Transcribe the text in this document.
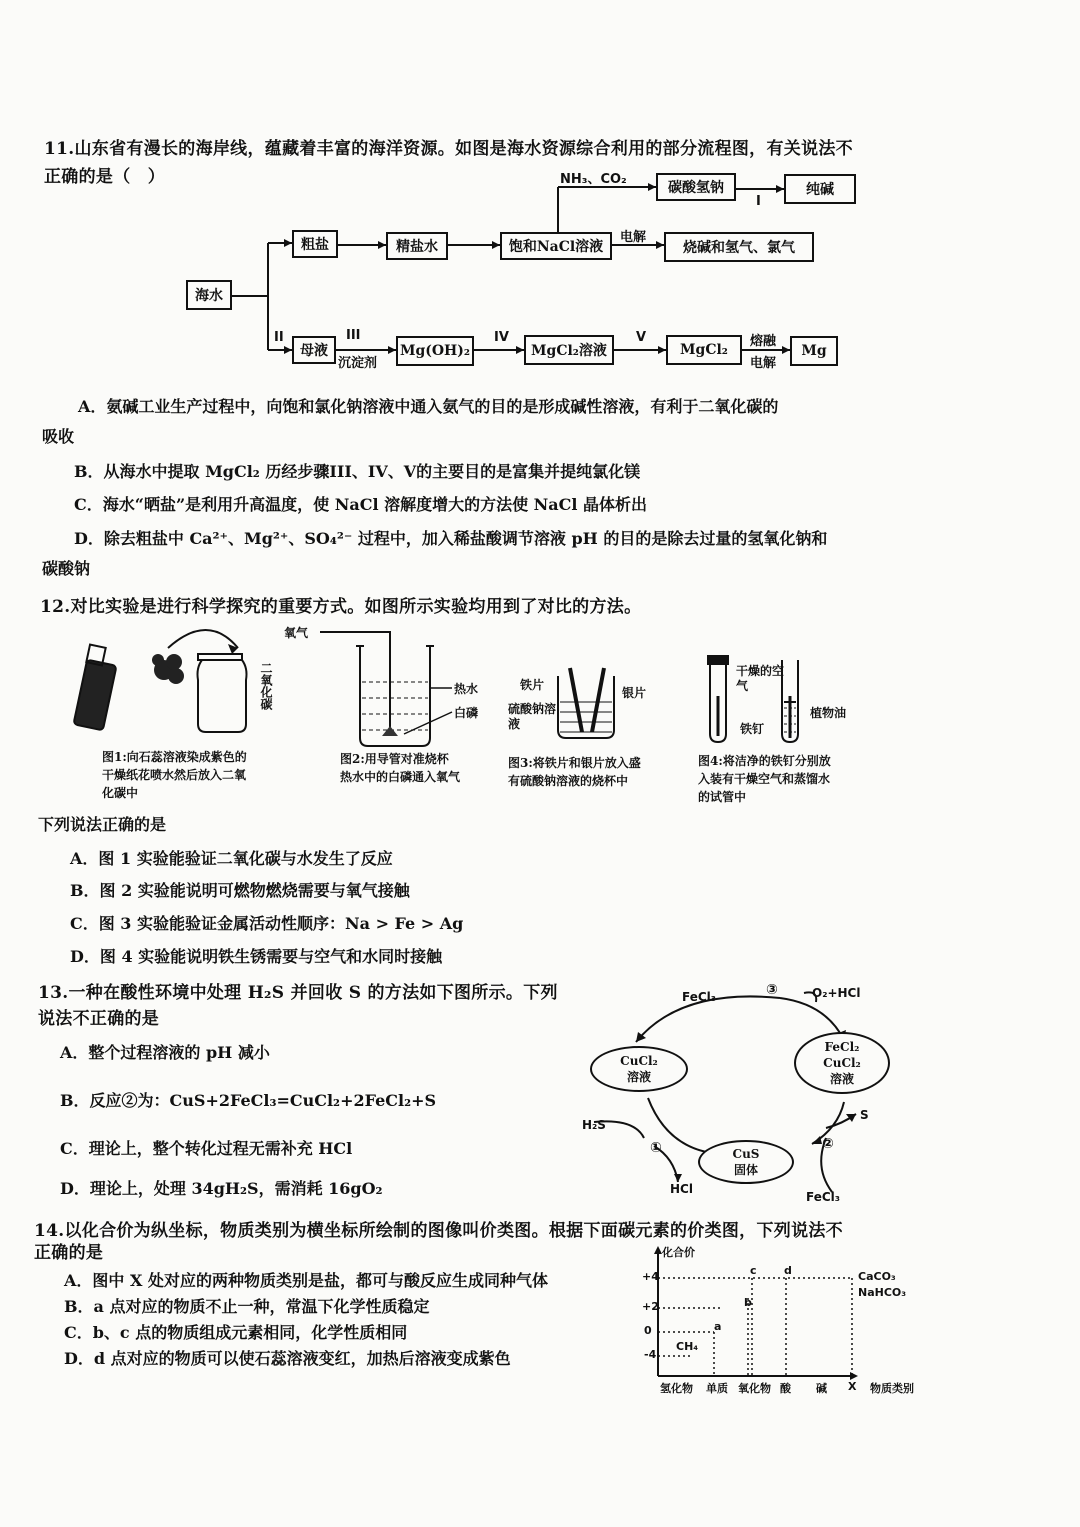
11.山东省有漫长的海岸线，蕴藏着丰富的海洋资源。如图是海水资源综合利用的部分流程图，有关说法不
正确的是（　）
海水
粗盐	精盐水	饱和NaCl溶液
碳酸氢钠	纯碱
烧碱和氢气、氯气
母液	Mg(OH)₂	MgCl₂溶液	MgCl₂	Mg
NH₃、CO₂
I
电解
II	III
沉淀剂
IV	V	熔融
电解
A．氨碱工业生产过程中，向饱和氯化钠溶液中通入氨气的目的是形成碱性溶液，有利于二氧化碳的
吸收
B．从海水中提取 MgCl₂ 历经步骤III、IV、V的主要目的是富集并提纯氯化镁
C．海水“晒盐”是利用升高温度，使 NaCl 溶解度增大的方法使 NaCl 晶体析出
D．除去粗盐中 Ca²⁺、Mg²⁺、SO₄²⁻ 过程中，加入稀盐酸调节溶液 pH 的目的是除去过量的氢氧化钠和
碳酸钠
12.对比实验是进行科学探究的重要方式。如图所示实验均用到了对比的方法。
二氧化碳
图1:向石蕊溶液染成紫色的干燥纸花喷水然后放入二氧化碳中
氧气
热水
白磷
图2:用导管对准烧杯热水中的白磷通入氧气
铁片
银片
硫酸钠溶液
图3:将铁片和银片放入盛有硫酸钠溶液的烧杯中
干燥的空气
铁钉
植物油
图4:将洁净的铁钉分别放入装有干燥空气和蒸馏水的试管中
下列说法正确的是
A．图 1 实验能验证二氧化碳与水发生了反应
B．图 2 实验能说明可燃物燃烧需要与氧气接触
C．图 3 实验能验证金属活动性顺序：Na > Fe > Ag
D．图 4 实验能说明铁生锈需要与空气和水同时接触
13.一种在酸性环境中处理 H₂S 并回收 S 的方法如下图所示。下列
说法不正确的是
A．整个过程溶液的 pH 减小
B．反应②为：CuS+2FeCl₃=CuCl₂+2FeCl₂+S
C．理论上，整个转化过程无需补充 HCl
D．理论上，处理 34gH₂S，需消耗 16gO₂
CuCl₂
溶液
FeCl₂
CuCl₂
溶液
CuS
固体
FeCl₃	③	O₂+HCl
H₂S
①
HCl
②
S
FeCl₃
14.以化合价为纵坐标，物质类别为横坐标所绘制的图像叫价类图。根据下面碳元素的价类图，下列说法不
正确的是
A．图中 X 处对应的两种物质类别是盐，都可与酸反应生成同种气体
B．a 点对应的物质不止一种，常温下化学性质稳定
C．b、c 点的物质组成元素相同，化学性质相同
D．d 点对应的物质可以使石蕊溶液变红，加热后溶液变成紫色
化合价
+4
+2
0
-4
a
b
c d
CH₄
CaCO₃
NaHCO₃
氢化物 单质 氧化物 酸 碱 X 物质类别
